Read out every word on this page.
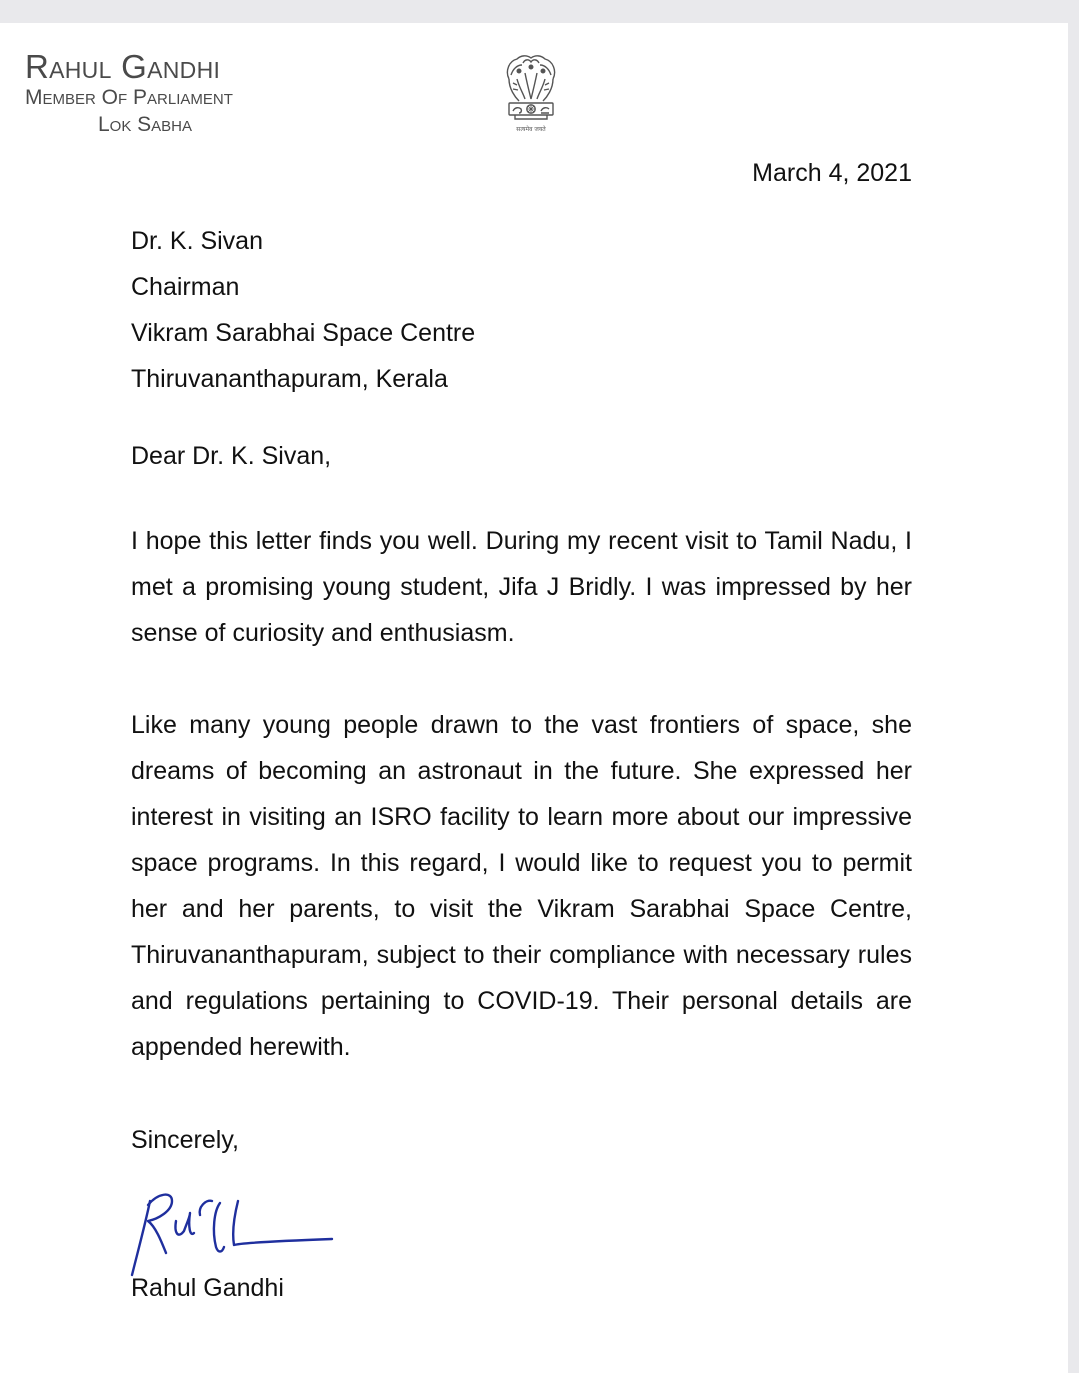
Rahul Gandhi
Member Of Parliament
Lok Sabha	सत्यमेव जयते
March 4, 2021
Dr. K. Sivan
Chairman
Vikram Sarabhai Space Centre
Thiruvananthapuram, Kerala
Dear Dr. K. Sivan,

I hope this letter finds you well. During my recent visit to Tamil Nadu, I met a promising young student, Jifa J Bridly. I was impressed by her sense of curiosity and enthusiasm.

Like many young people drawn to the vast frontiers of space, she dreams of becoming an astronaut in the future. She expressed her interest in visiting an ISRO facility to learn more about our impressive space programs. In this regard, I would like to request you to permit her and her parents, to visit the Vikram Sarabhai Space Centre, Thiruvananthapuram, subject to their compliance with necessary rules and regulations pertaining to COVID-19. Their personal details are appended herewith.

Sincerely,
Rahul Gandhi
